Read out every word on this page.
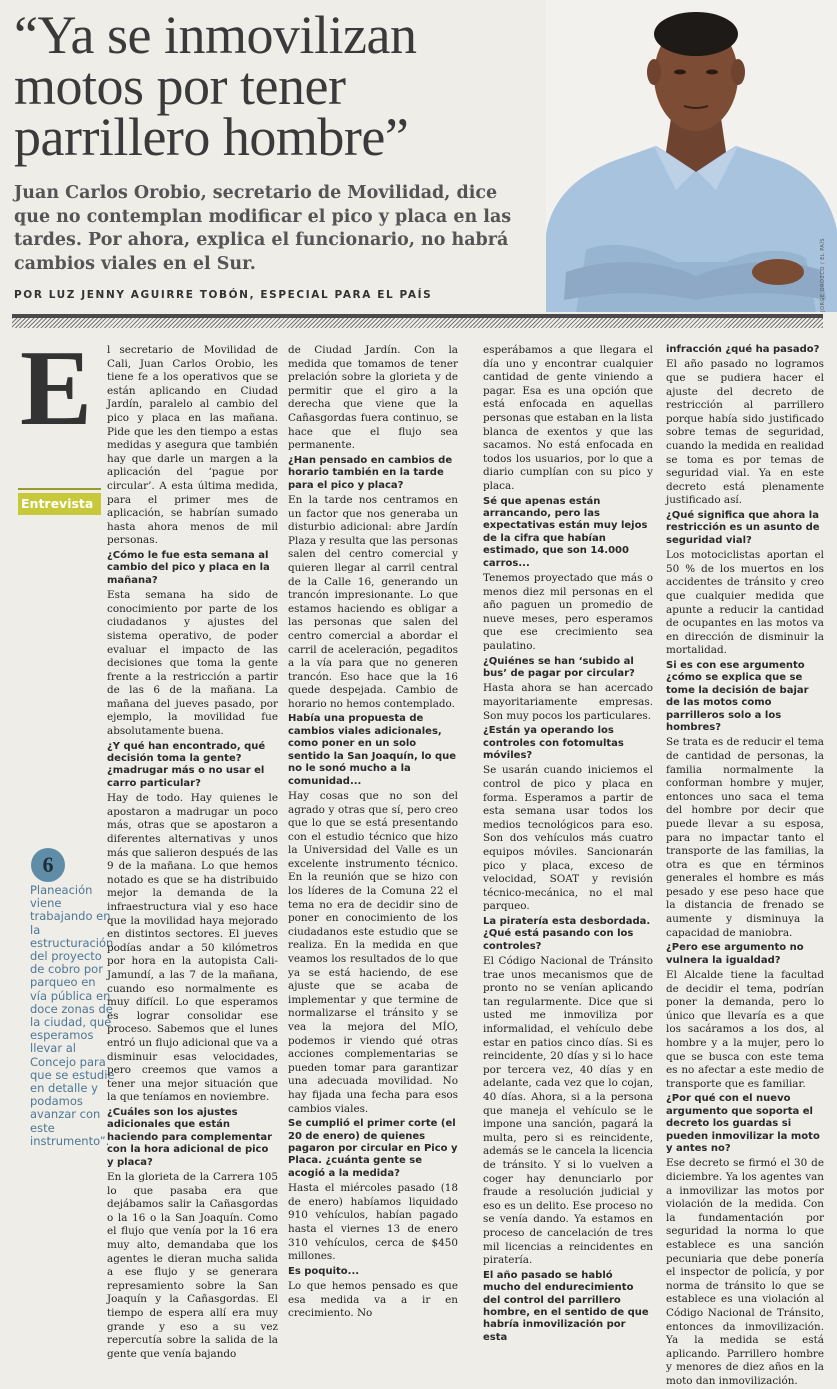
“Ya se inmovilizan
motos por tener
parrillero hombre”

Juan Carlos Orobio, secretario de Movilidad, dice que no contemplan modificar el pico y placa en las tardes. Por ahora, explica el funcionario, no habrá cambios viales en el Sur.

POR LUZ JENNY AGUIRRE TOBÓN, ESPECIAL PARA EL PAÍS	JORGE OROZCO / EL PAÍS
E
Entrevista
6
Planeación viene trabajando en la estructuración del proyecto de cobro por parqueo en vía pública en doce zonas de la ciudad, que esperamos llevar al Concejo para que se estudie en detalle y podamos avanzar con este instrumento”.

l secretario de Movilidad de Cali, Juan Carlos Orobio, les tiene fe a los operativos que se están aplicando en Ciudad Jardín, paralelo al cambio del pico y placa en las mañana. Pide que les den tiempo a estas medidas y asegura que también hay que darle un margen a la aplicación del ‘pague por circular’. A esta última medida, para el primer mes de aplicación, se habrían sumado hasta ahora menos de mil personas.

¿Cómo le fue esta semana al cambio del pico y placa en la mañana?

Esta semana ha sido de conocimiento por parte de los ciudadanos y ajustes del sistema operativo, de poder evaluar el impacto de las decisiones que toma la gente frente a la restricción a partir de las 6 de la mañana. La mañana del jueves pasado, por ejemplo, la movilidad fue absolutamente buena.

¿Y qué han encontrado, qué decisión toma la gente? ¿madrugar más o no usar el carro particular?

Hay de todo. Hay quienes le apostaron a madrugar un poco más, otras que se apostaron a diferentes alternativas y unos más que salieron después de las 9 de la mañana. Lo que hemos notado es que se ha distribuido mejor la demanda de la infraestructura vial y eso hace que la movilidad haya mejorado en distintos sectores. El jueves podías andar a 50 kilómetros por hora en la autopista Cali-Jamundí, a las 7 de la mañana, cuando eso normalmente es muy difícil. Lo que esperamos es lograr consolidar ese proceso. Sabemos que el lunes entró un flujo adicional que va a disminuir esas velocidades, pero creemos que vamos a tener una mejor situación que la que teníamos en noviembre.

¿Cuáles son los ajustes adicionales que están haciendo para complementar con la hora adicional de pico y placa?

En la glorieta de la Carrera 105 lo que pasaba era que dejábamos salir la Cañasgordas o la 16 o la San Joaquín. Como el flujo que venía por la 16 era muy alto, demandaba que los agentes le dieran mucha salida a ese flujo y se generara represamiento sobre la San Joaquín y la Cañasgordas. El tiempo de espera allí era muy grande y eso a su vez repercutía sobre la salida de la gente que venía bajando

de Ciudad Jardín. Con la medida que tomamos de tener prelación sobre la glorieta y de permitir que el giro a la derecha que viene que la Cañasgordas fuera continuo, se hace que el flujo sea permanente.

¿Han pensado en cambios de horario también en la tarde para el pico y placa?

En la tarde nos centramos en un factor que nos generaba un disturbio adicional: abre Jardín Plaza y resulta que las personas salen del centro comercial y quieren llegar al carril central de la Calle 16, generando un trancón impresionante. Lo que estamos haciendo es obligar a las personas que salen del centro comercial a abordar el carril de aceleración, pegaditos a la vía para que no generen trancón. Eso hace que la 16 quede despejada. Cambio de horario no hemos contemplado.

Había una propuesta de cambios viales adicionales, como poner en un solo sentido la San Joaquín, lo que no le sonó mucho a la comunidad...

Hay cosas que no son del agrado y otras que sí, pero creo que lo que se está presentando con el estudio técnico que hizo la Universidad del Valle es un excelente instrumento técnico. En la reunión que se hizo con los líderes de la Comuna 22 el tema no era de decidir sino de poner en conocimiento de los ciudadanos este estudio que se realiza. En la medida en que veamos los resultados de lo que ya se está haciendo, de ese ajuste que se acaba de implementar y que termine de normalizarse el tránsito y se vea la mejora del MÍO, podemos ir viendo qué otras acciones complementarias se pueden tomar para garantizar una adecuada movilidad. No hay fijada una fecha para esos cambios viales.

Se cumplió el primer corte (el 20 de enero) de quienes pagaron por circular en Pico y Placa. ¿cuánta gente se acogió a la medida?

Hasta el miércoles pasado (18 de enero) habíamos liquidado 910 vehículos, habían pagado hasta el viernes 13 de enero 310 vehículos, cerca de $450 millones.

Es poquito...

Lo que hemos pensado es que esa medida va a ir en crecimiento. No

esperábamos a que llegara el día uno y encontrar cualquier cantidad de gente viniendo a pagar. Esa es una opción que está enfocada en aquellas personas que estaban en la lista blanca de exentos y que las sacamos. No está enfocada en todos los usuarios, por lo que a diario cumplían con su pico y placa.

Sé que apenas están arrancando, pero las expectativas están muy lejos de la cifra que habían estimado, que son 14.000 carros...

Tenemos proyectado que más o menos diez mil personas en el año paguen un promedio de nueve meses, pero esperamos que ese crecimiento sea paulatino.

¿Quiénes se han ‘subido al bus’ de pagar por circular?

Hasta ahora se han acercado mayoritariamente empresas. Son muy pocos los particulares.

¿Están ya operando los controles con fotomultas móviles?

Se usarán cuando iniciemos el control de pico y placa en forma. Esperamos a partir de esta semana usar todos los medios tecnológicos para eso. Son dos vehículos más cuatro equipos móviles. Sancionarán pico y placa, exceso de velocidad, SOAT y revisión técnico-mecánica, no el mal parqueo.

La piratería esta desbordada. ¿Qué está pasando con los controles?

El Código Nacional de Tránsito trae unos mecanismos que de pronto no se venían aplicando tan regularmente. Dice que si usted me inmoviliza por informalidad, el vehículo debe estar en patios cinco días. Si es reincidente, 20 días y si lo hace por tercera vez, 40 días y en adelante, cada vez que lo cojan, 40 días. Ahora, si a la persona que maneja el vehículo se le impone una sanción, pagará la multa, pero si es reincidente, además se le cancela la licencia de tránsito. Y si lo vuelven a coger hay denunciarlo por fraude a resolución judicial y eso es un delito. Ese proceso no se venía dando. Ya estamos en proceso de cancelación de tres mil licencias a reincidentes en piratería.

El año pasado se habló mucho del endurecimiento del control del parrillero hombre, en el sentido de que habría inmovilización por esta

infracción ¿qué ha pasado?

El año pasado no logramos que se pudiera hacer el ajuste del decreto de restricción al parrillero porque había sido justificado sobre temas de seguridad, cuando la medida en realidad se toma es por temas de seguridad vial. Ya en este decreto está plenamente justificado así.

¿Qué significa que ahora la restricción es un asunto de seguridad vial?

Los motociclistas aportan el 50 % de los muertos en los accidentes de tránsito y creo que cualquier medida que apunte a reducir la cantidad de ocupantes en las motos va en dirección de disminuir la mortalidad.

Si es con ese argumento ¿cómo se explica que se tome la decisión de bajar de las motos como parrilleros solo a los hombres?

Se trata es de reducir el tema de cantidad de personas, la familia normalmente la conforman hombre y mujer, entonces uno saca el tema del hombre por decir que puede llevar a su esposa, para no impactar tanto el transporte de las familias, la otra es que en términos generales el hombre es más pesado y ese peso hace que la distancia de frenado se aumente y disminuya la capacidad de maniobra.

¿Pero ese argumento no vulnera la igualdad?

El Alcalde tiene la facultad de decidir el tema, podrían poner la demanda, pero lo único que llevaría es a que los sacáramos a los dos, al hombre y a la mujer, pero lo que se busca con este tema es no afectar a este medio de transporte que es familiar.

¿Por qué con el nuevo argumento que soporta el decreto los guardas si pueden inmovilizar la moto y antes no?

Ese decreto se firmó el 30 de diciembre. Ya los agentes van a inmovilizar las motos por violación de la medida. Con la fundamentación por seguridad la norma lo que establece es una sanción pecuniaria que debe ponería el inspector de policía, y por norma de tránsito lo que se establece es una violación al Código Nacional de Tránsito, entonces da inmovilización. Ya la medida se está aplicando. Parrillero hombre y menores de diez años en la moto dan inmovilización.
